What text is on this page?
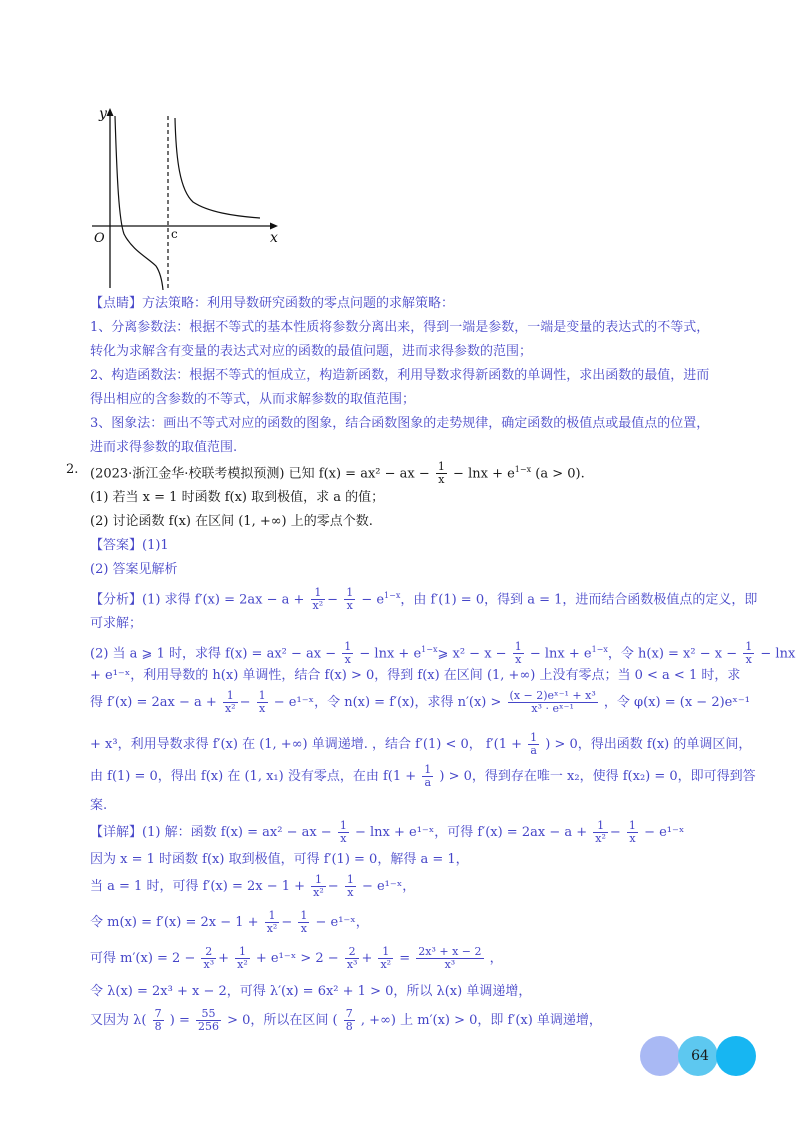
y
x
O	c
【点睛】方法策略：利用导数研究函数的零点问题的求解策略：
1、分离参数法：根据不等式的基本性质将参数分离出来，得到一端是参数，一端是变量的表达式的不等式，
转化为求解含有变量的表达式对应的函数的最值问题，进而求得参数的范围；
2、构造函数法：根据不等式的恒成立，构造新函数，利用导数求得新函数的单调性，求出函数的最值，进而
得出相应的含参数的不等式，从而求解参数的取值范围；
3、图象法：画出不等式对应的函数的图象，结合函数图象的走势规律，确定函数的极值点或最值点的位置，
进而求得参数的取值范围.
2. (2023·浙江金华·校联考模拟预测) 已知 f(x) = ax² − ax − $\frac{1}{x} - \ln x + e^{1-x}$ (a > 0).
(1) 若当 x = 1 时函数 f(x) 取到极值，求 a 的值；
(2) 讨论函数 f(x) 在区间 (1, +∞) 上的零点个数.
【答案】(1)1
(2) 答案见解析
【分析】(1) 求得 $f'(x) = 2ax - a + \frac{1}{\text{x²}} - \frac{1}{x} - e^{1-x}$，由 f′(1) = 0，得到 a = 1，进而结合函数极值点的定义，即
可求解；
(2) 当 a ⩾ 1 时，求得 f(x) = ax² − ax − $\frac{1}{x} - \ln x$ + $e^{1-x}⩾$ $x^2 - x - \frac{1}{x} - \ln x + e^{1-x}$，令 $h(x) = x^2 - x - \frac{1}{x} - \ln x$
+ e¹⁻ˣ，利用导数的 h(x) 单调性，结合 f(x) > 0，得到 f(x) 在区间 (1, +∞) 上没有零点；当 0 < a < 1 时，求
得 $f'(x) = 2ax - a + \frac{1}{\text{x²}} - \frac{1}{x}$ − e¹⁻ˣ，令 n(x) = f′(x)，求得 $n'(x) > \frac{\text{(x − 2)eˣ⁻¹ + x³}}{\text{x³ · eˣ⁻¹}}$ ，令 φ(x) = (x − 2)eˣ⁻¹
+ x³，利用导数求得 f′(x) 在 (1, +∞) 单调递增. ，结合 f′(1) < 0， $f'(1 + \frac{1}{a}$ ) > 0，得出函数 f(x) 的单调区间，
由 f(1) = 0，得出 f(x) 在 (1, x₁) 没有零点，在由 $f(1 + \frac{1}{a}$ ) > 0，得到存在唯一 x₂，使得 f(x₂) = 0，即可得到答
案.
【详解】(1) 解：函数 f(x) = ax² − ax − $\frac{1}{x} - \ln x$ + e¹⁻ˣ，可得 $f'(x) = 2ax - a + \frac{1}{\text{x²}} - \frac{1}{x}$ − e¹⁻ˣ
因为 x = 1 时函数 f(x) 取到极值，可得 f′(1) = 0，解得 a = 1，
当 a = 1 时，可得 $f'(x) = 2x - 1 + \frac{1}{\text{x²}} - \frac{1}{x}$ − e¹⁻ˣ，
令 $m(x) = f'(x) = 2x - 1 + \frac{1}{\text{x²}} - \frac{1}{x}$ − e¹⁻ˣ，
可得 $m'(x) = 2 - \frac{2}{\text{x³}} + \frac{1}{\text{x²}}$ + e¹⁻ˣ > $2 - \frac{2}{\text{x³}} + \frac{1}{\text{x²}} = \frac{\text{2x³ + x − 2}}{\text{x³}}$ ，
令 λ(x) = 2x³ + x − 2，可得 λ′(x) = 6x² + 1 > 0，所以 λ(x) 单调递增，
又因为 $\lambda( \frac{7}{8}$ ) = $\frac{55}{256} > 0$，所以在区间 ( $\frac{7}{8}$ , +∞) 上 m′(x) > 0，即 f′(x) 单调递增，
64
